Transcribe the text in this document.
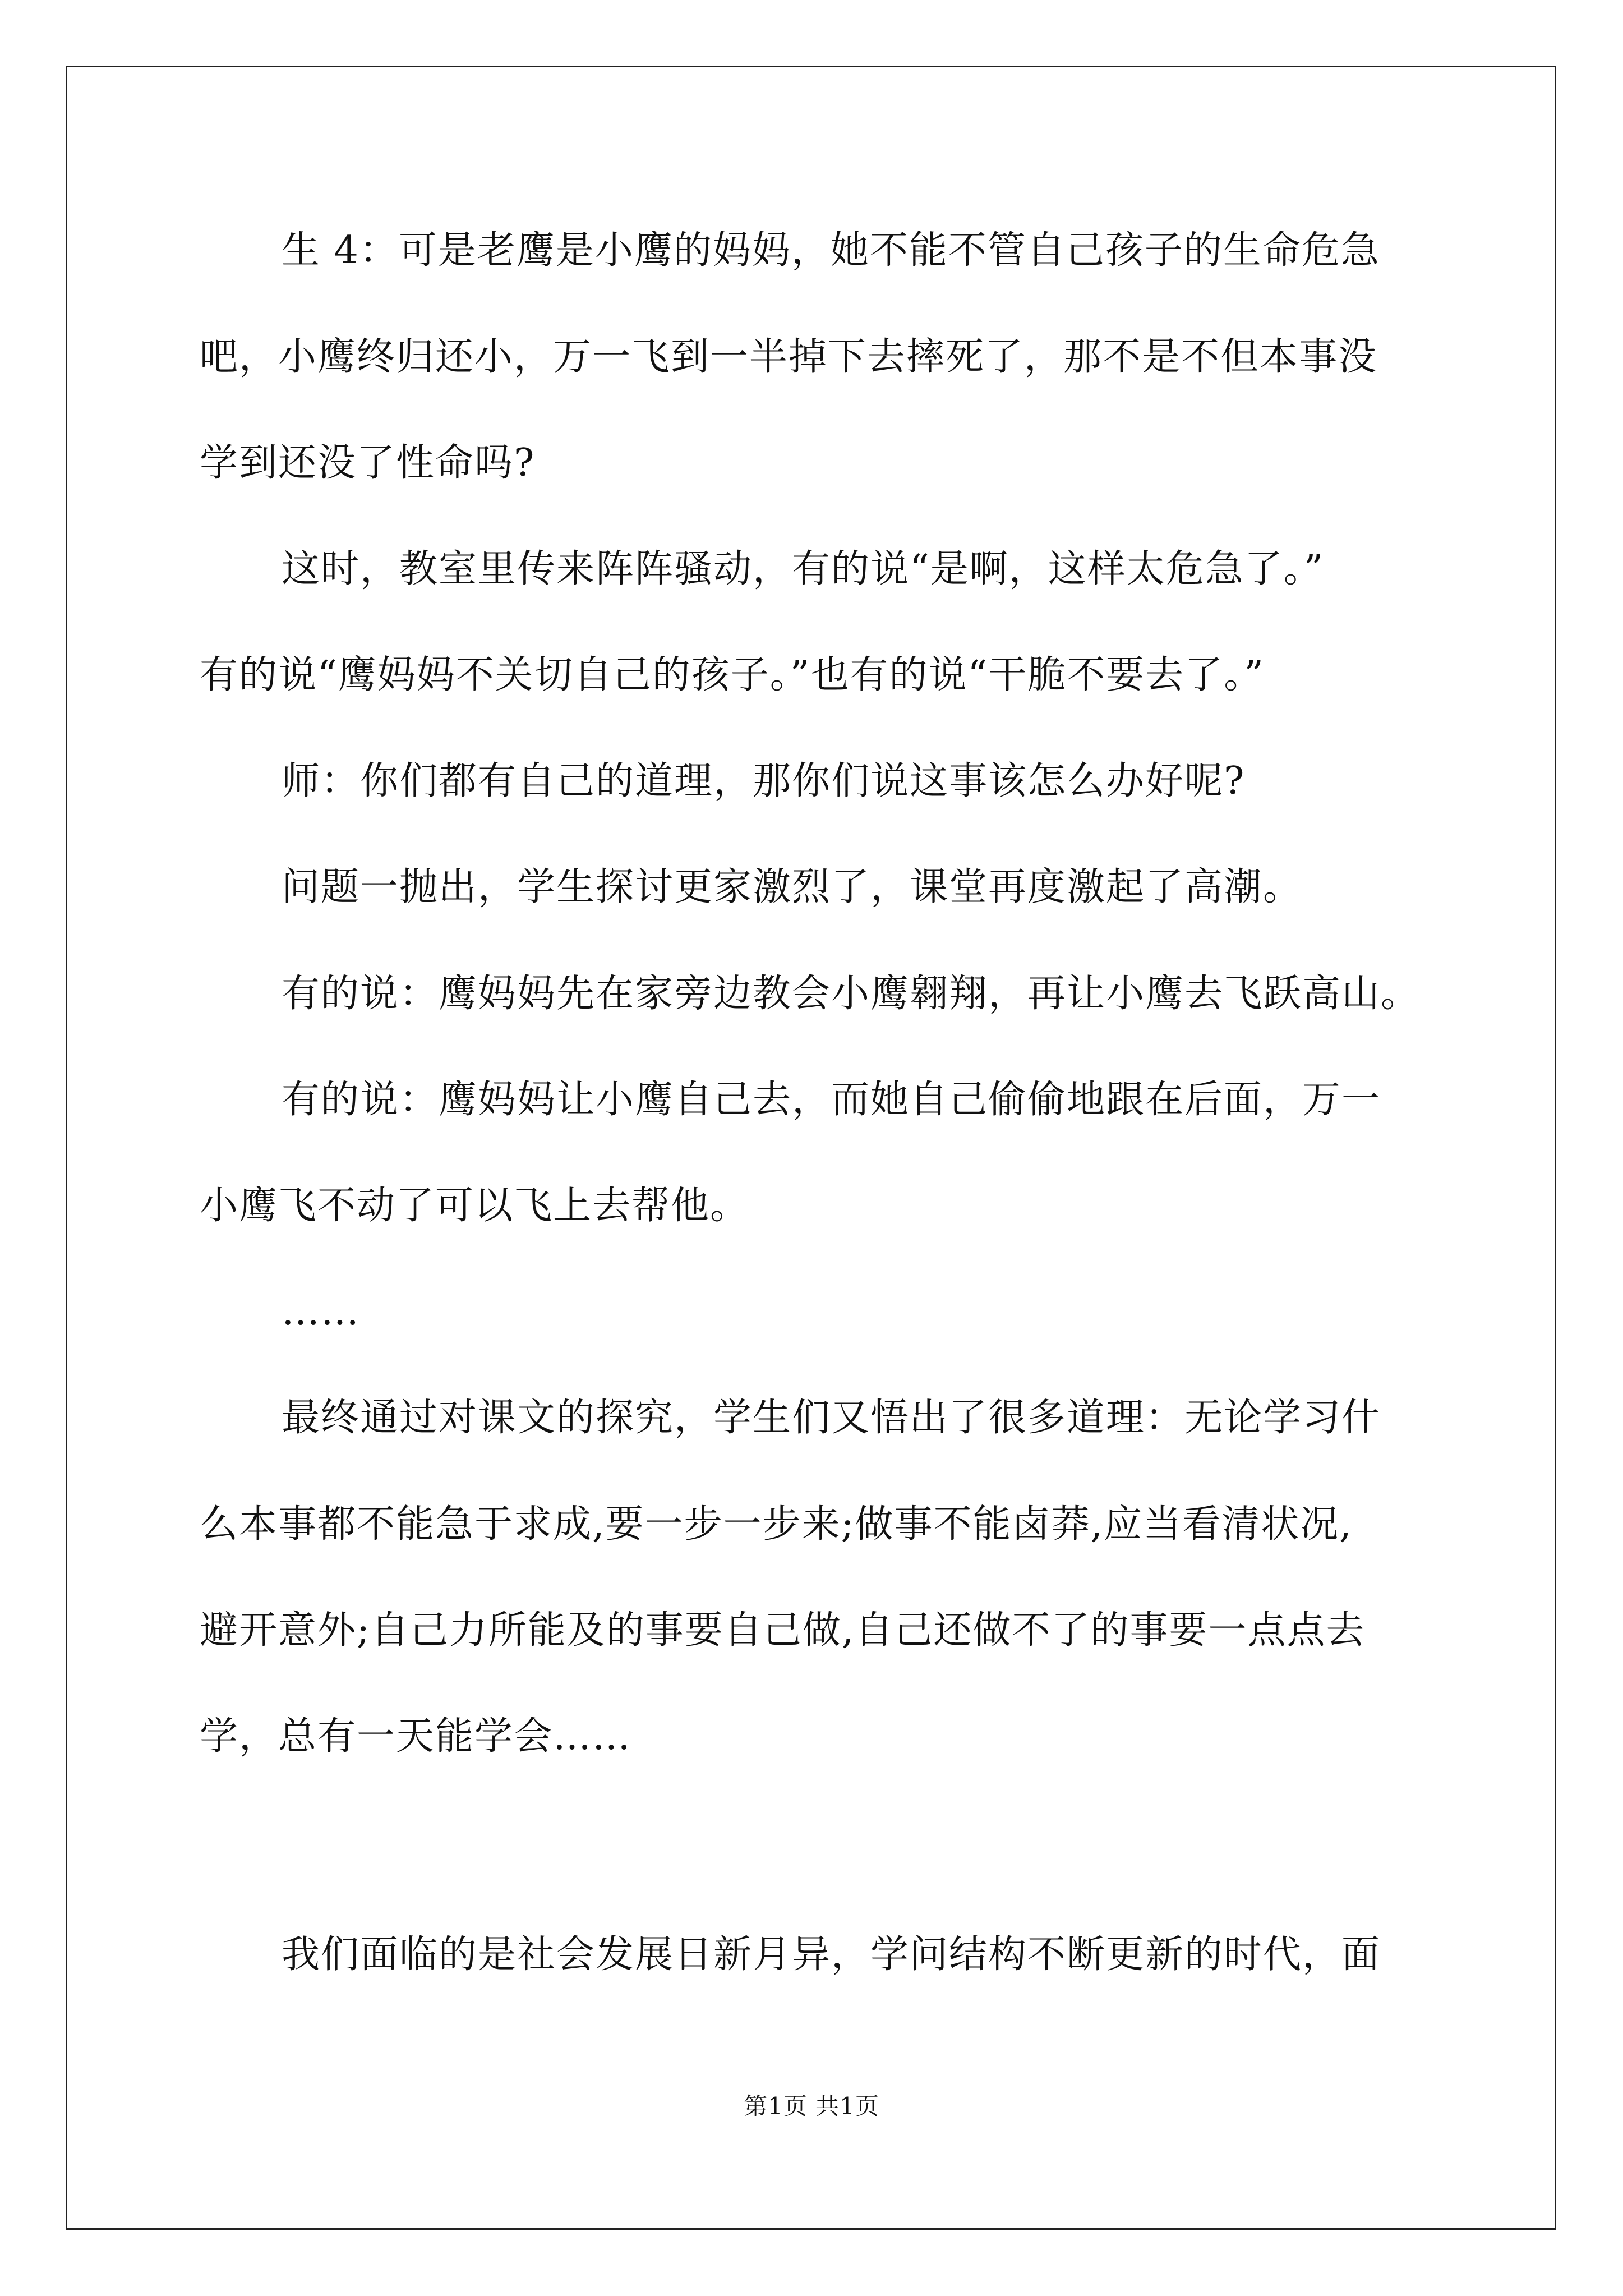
生 4：可是老鹰是小鹰的妈妈，她不能不管自己孩子的生命危急
吧，小鹰终归还小，万一飞到一半掉下去摔死了，那不是不但本事没
学到还没了性命吗?
这时，教室里传来阵阵骚动，有的说“是啊，这样太危急了。”
有的说“鹰妈妈不关切自己的孩子。”也有的说“干脆不要去了。”
师：你们都有自己的道理，那你们说这事该怎么办好呢?
问题一抛出，学生探讨更家激烈了，课堂再度激起了高潮。
有的说：鹰妈妈先在家旁边教会小鹰翱翔，再让小鹰去飞跃高山。
有的说：鹰妈妈让小鹰自己去，而她自己偷偷地跟在后面，万一
小鹰飞不动了可以飞上去帮他。
……
最终通过对课文的探究，学生们又悟出了很多道理：无论学习什
么本事都不能急于求成,要一步一步来;做事不能卤莽,应当看清状况,
避开意外;自己力所能及的事要自己做,自己还做不了的事要一点点去
学，总有一天能学会……
我们面临的是社会发展日新月异，学问结构不断更新的时代，面
第1页 共1页
